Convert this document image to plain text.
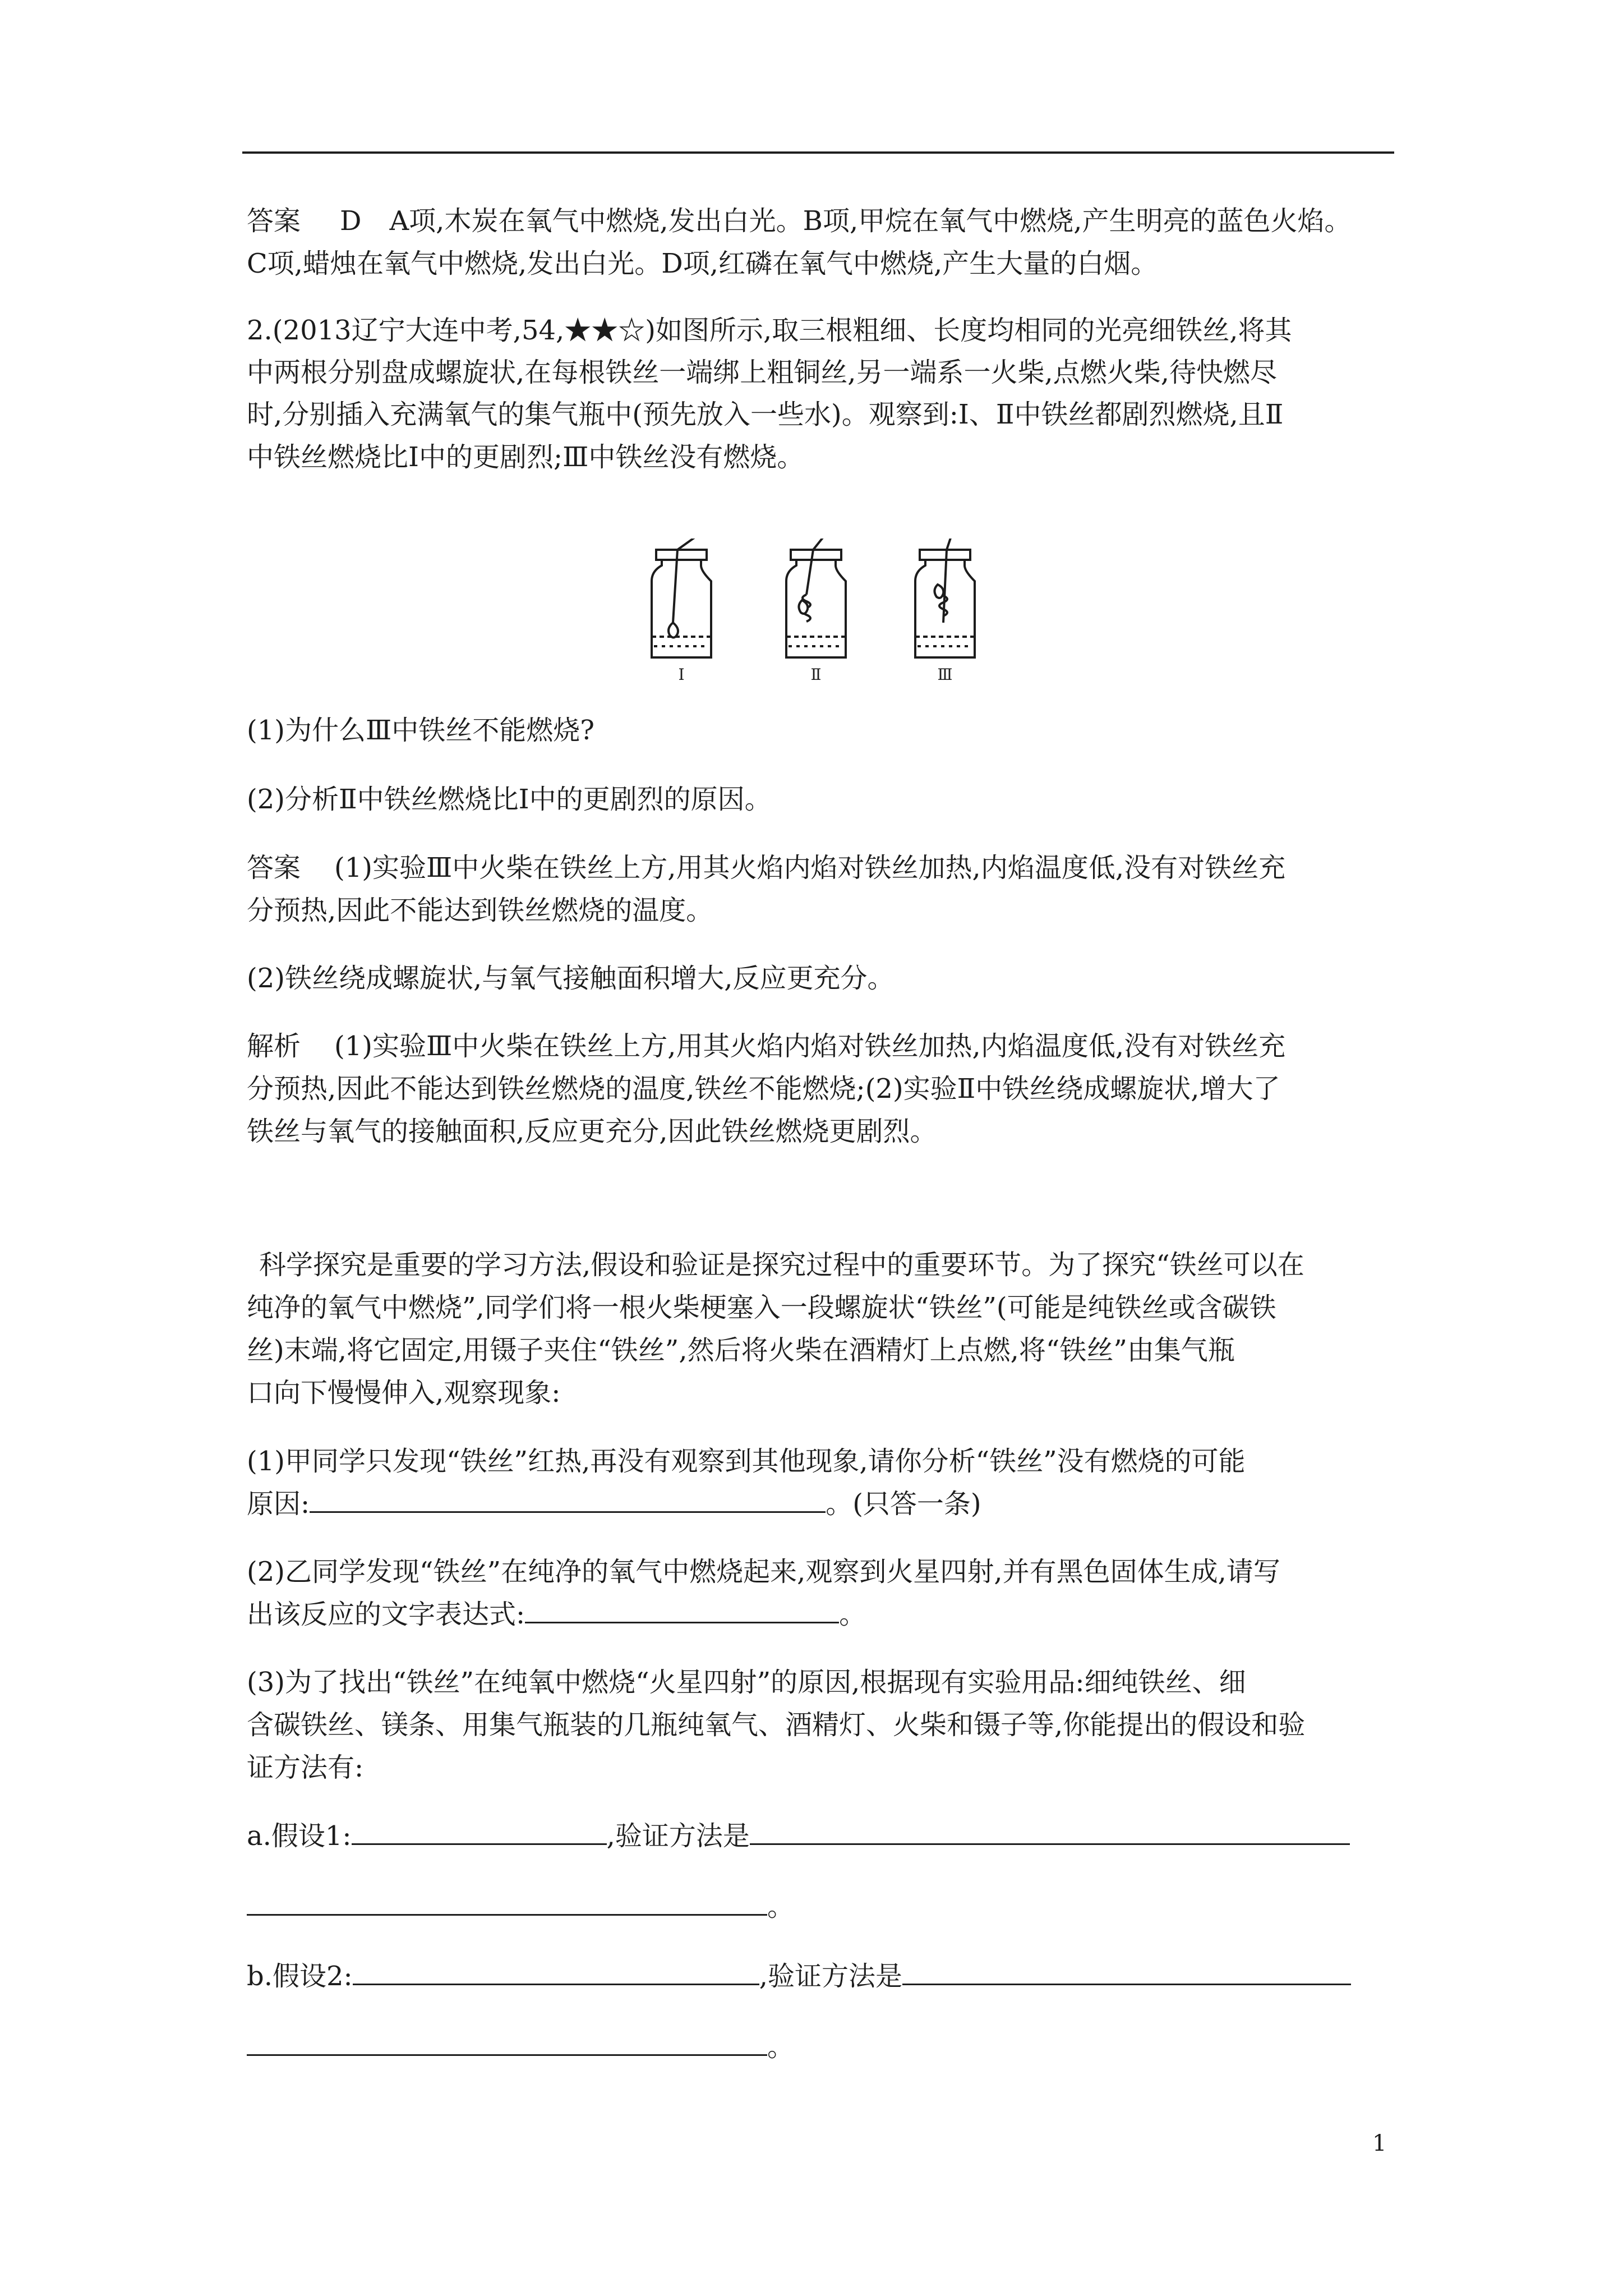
答案 D A项,木炭在氧气中燃烧,发出白光。B项,甲烷在氧气中燃烧,产生明亮的蓝色火焰。
C项,蜡烛在氧气中燃烧,发出白光。D项,红磷在氧气中燃烧,产生大量的白烟。
2.(2013辽宁大连中考,54,★★☆)如图所示,取三根粗细、长度均相同的光亮细铁丝,将其
中两根分别盘成螺旋状,在每根铁丝一端绑上粗铜丝,另一端系一火柴,点燃火柴,待快燃尽
时,分别插入充满氧气的集气瓶中(预先放入一些水)。观察到:Ⅰ、Ⅱ中铁丝都剧烈燃烧,且Ⅱ
中铁丝燃烧比Ⅰ中的更剧烈;Ⅲ中铁丝没有燃烧。
Ⅰ	Ⅱ	Ⅲ
(1)为什么Ⅲ中铁丝不能燃烧?
(2)分析Ⅱ中铁丝燃烧比Ⅰ中的更剧烈的原因。
答案 (1)实验Ⅲ中火柴在铁丝上方,用其火焰内焰对铁丝加热,内焰温度低,没有对铁丝充
分预热,因此不能达到铁丝燃烧的温度。
(2)铁丝绕成螺旋状,与氧气接触面积增大,反应更充分。
解析 (1)实验Ⅲ中火柴在铁丝上方,用其火焰内焰对铁丝加热,内焰温度低,没有对铁丝充
分预热,因此不能达到铁丝燃烧的温度,铁丝不能燃烧;(2)实验Ⅱ中铁丝绕成螺旋状,增大了
铁丝与氧气的接触面积,反应更充分,因此铁丝燃烧更剧烈。
科学探究是重要的学习方法,假设和验证是探究过程中的重要环节。为了探究“铁丝可以在
纯净的氧气中燃烧”,同学们将一根火柴梗塞入一段螺旋状“铁丝”(可能是纯铁丝或含碳铁
丝)末端,将它固定,用镊子夹住“铁丝”,然后将火柴在酒精灯上点燃,将“铁丝”由集气瓶
口向下慢慢伸入,观察现象:
(1)甲同学只发现“铁丝”红热,再没有观察到其他现象,请你分析“铁丝”没有燃烧的可能
原因:	。(只答一条)
(2)乙同学发现“铁丝”在纯净的氧气中燃烧起来,观察到火星四射,并有黑色固体生成,请写
出该反应的文字表达式:	。
(3)为了找出“铁丝”在纯氧中燃烧“火星四射”的原因,根据现有实验用品:细纯铁丝、细
含碳铁丝、镁条、用集气瓶装的几瓶纯氧气、酒精灯、火柴和镊子等,你能提出的假设和验
证方法有:
a.假设1:	,验证方法是
。
b.假设2:	,验证方法是
。
1
